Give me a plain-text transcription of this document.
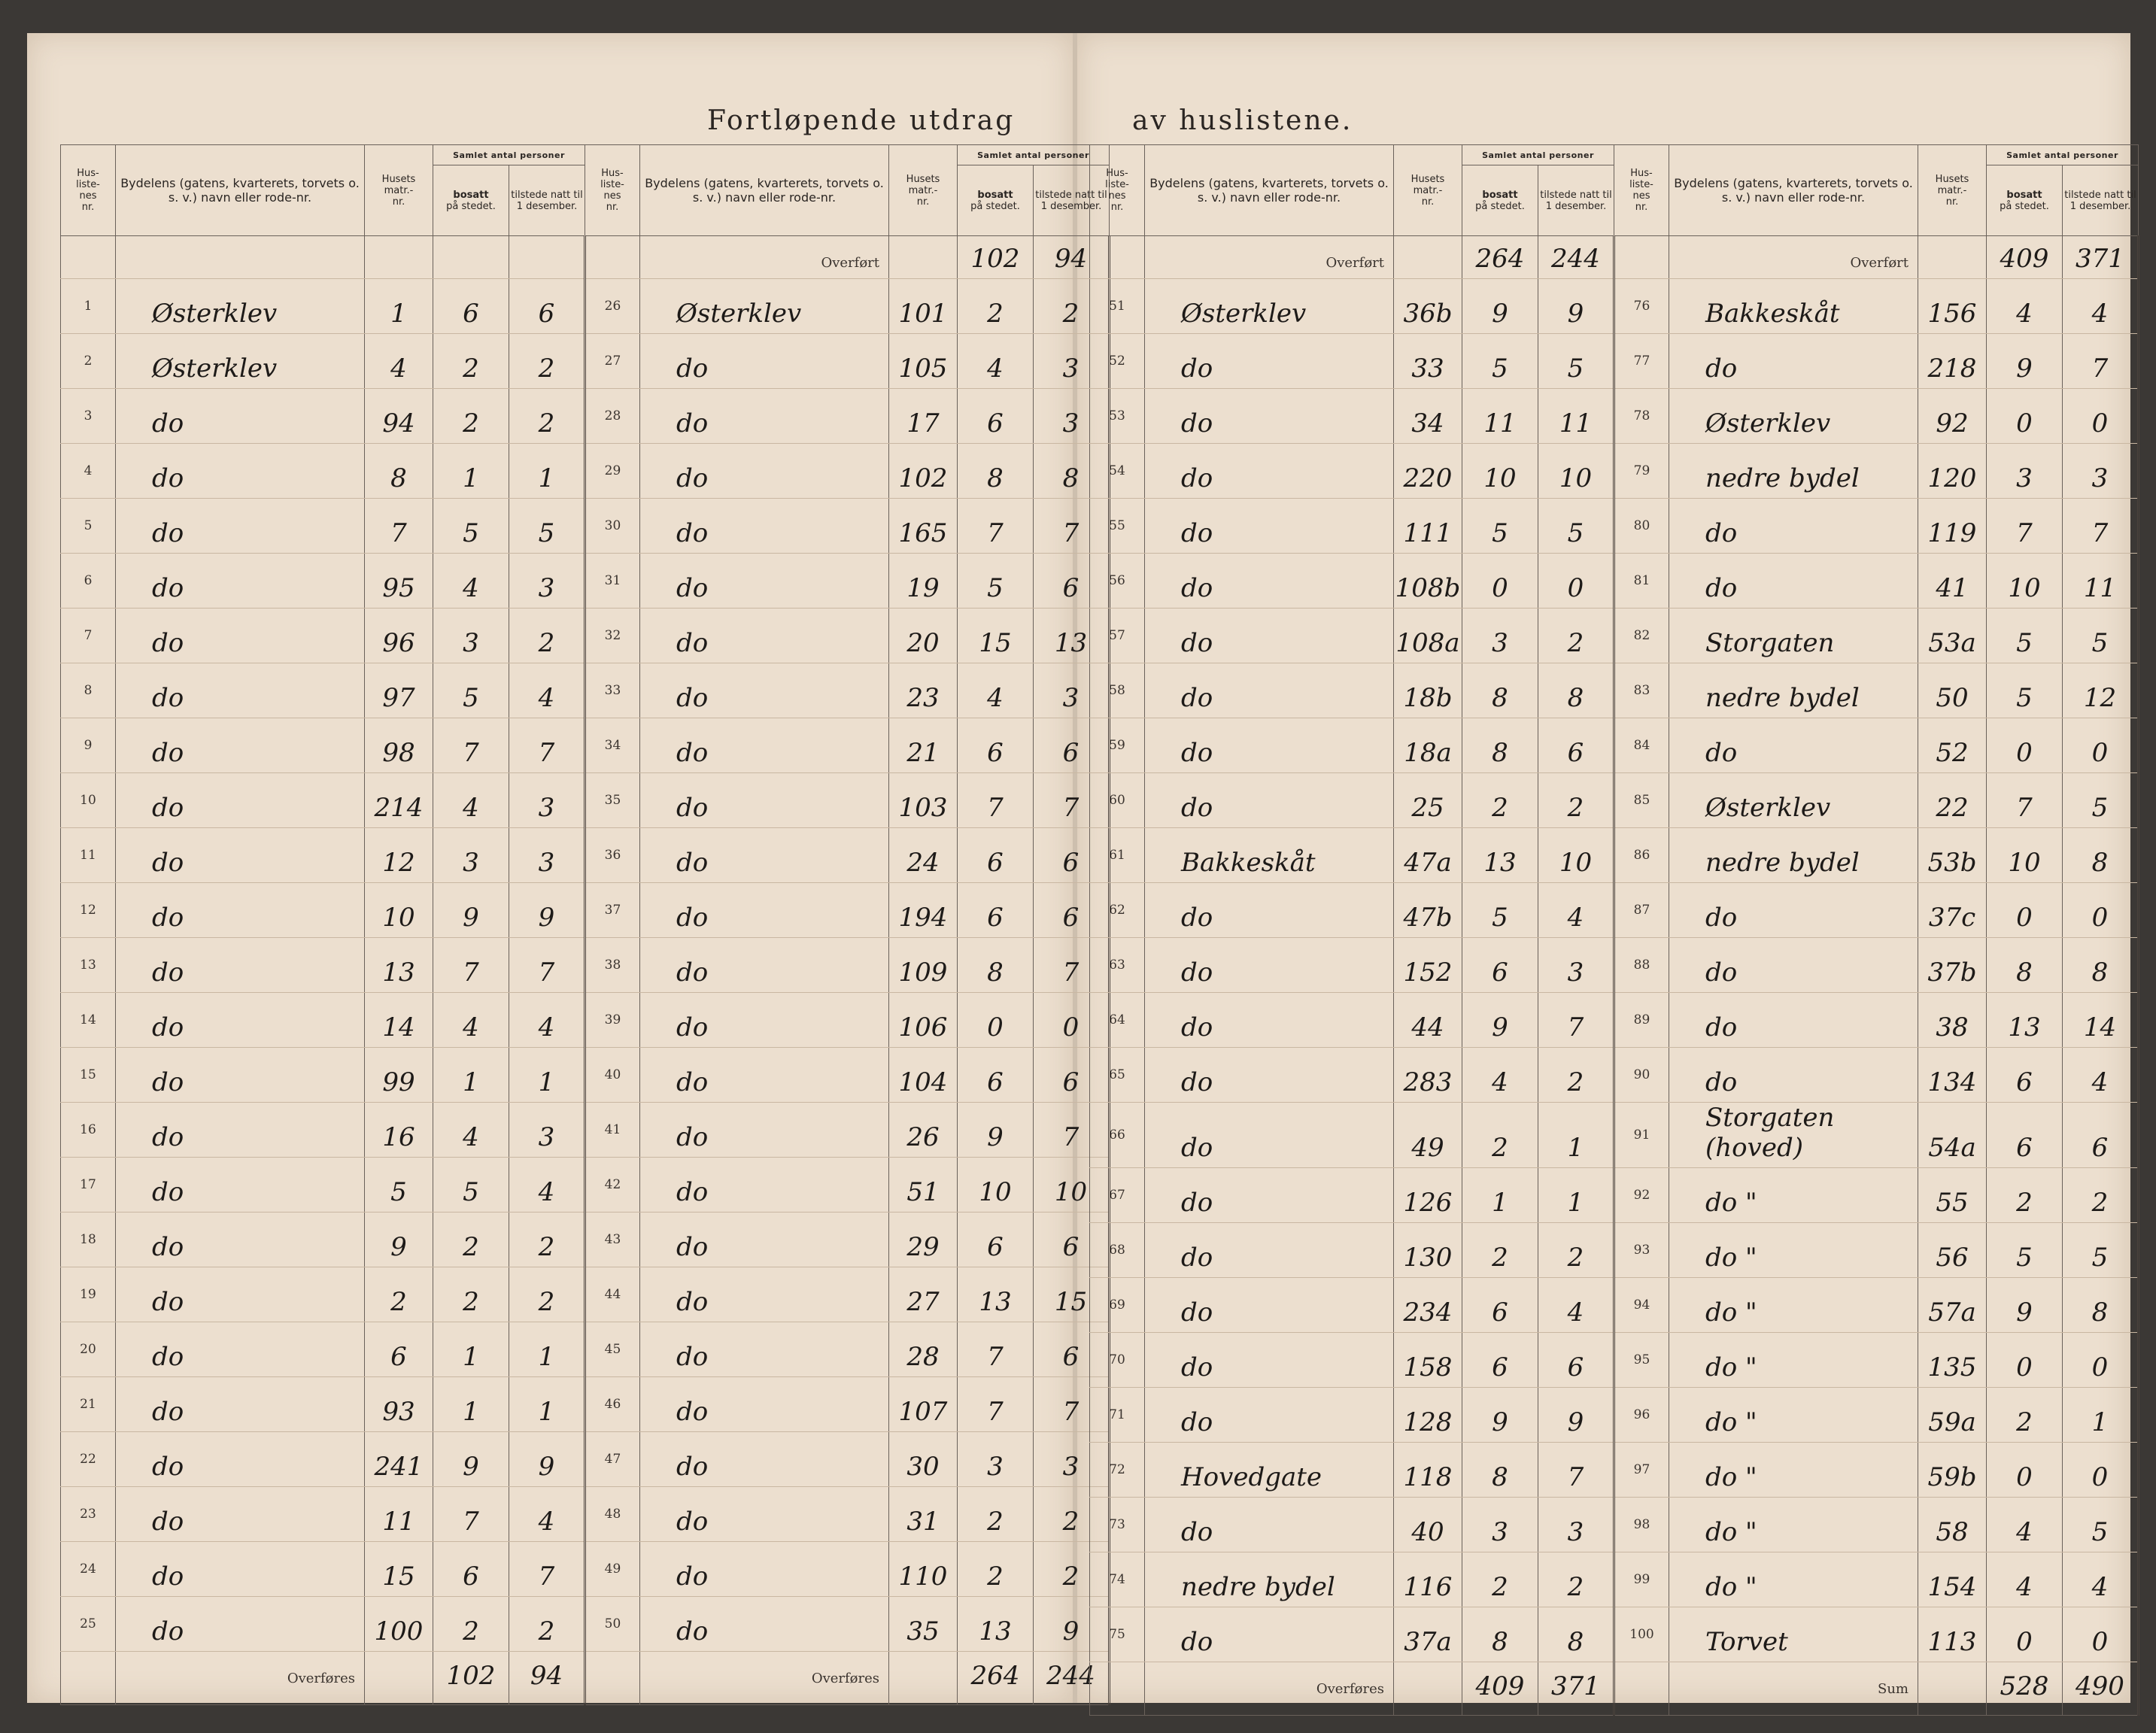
Fortløpende utdrag	av huslistene.
Hus-
liste-
nes
nr.	Bydelens (gatens, kvarterets, torvets o. s. v.) navn eller rode-nr.	Husets
matr.-
nr.	Samlet antal personer		Hus-
liste-
nes
nr.	Bydelens (gatens, kvarterets, torvets o. s. v.) navn eller rode-nr.	Husets
matr.-
nr.	Samlet antal personer	
			bosatt
på stedet.	tilstede natt til 1 desember.				bosatt
på stedet.	tilstede natt til 1 desember.
						Overført		102	94
1	Østerklev	1	6	6	26	Østerklev	101	2	2
2	Østerklev	4	2	2	27	do	105	4	3
3	do	94	2	2	28	do	17	6	3
4	do	8	1	1	29	do	102	8	8
5	do	7	5	5	30	do	165	7	7
6	do	95	4	3	31	do	19	5	6
7	do	96	3	2	32	do	20	15	13
8	do	97	5	4	33	do	23	4	3
9	do	98	7	7	34	do	21	6	6
10	do	214	4	3	35	do	103	7	7
11	do	12	3	3	36	do	24	6	6
12	do	10	9	9	37	do	194	6	6
13	do	13	7	7	38	do	109	8	7
14	do	14	4	4	39	do	106	0	0
15	do	99	1	1	40	do	104	6	6
16	do	16	4	3	41	do	26	9	7
17	do	5	5	4	42	do	51	10	10
18	do	9	2	2	43	do	29	6	6
19	do	2	2	2	44	do	27	13	15
20	do	6	1	1	45	do	28	7	6
21	do	93	1	1	46	do	107	7	7
22	do	241	9	9	47	do	30	3	3
23	do	11	7	4	48	do	31	2	2
24	do	15	6	7	49	do	110	2	2
25	do	100	2	2	50	do	35	13	9
	Overføres		102	94		Overføres		264	244
Hus-
liste-
nes
nr.	Bydelens (gatens, kvarterets, torvets o. s. v.) navn eller rode-nr.	Husets
matr.-
nr.	Samlet antal personer		Hus-
liste-
nes
nr.	Bydelens (gatens, kvarterets, torvets o. s. v.) navn eller rode-nr.	Husets
matr.-
nr.	Samlet antal personer	
			bosatt
på stedet.	tilstede natt til 1 desember.				bosatt
på stedet.	tilstede natt til 1 desember.
	Overført		264	244		Overført		409	371
51	Østerklev	36b	9	9	76	Bakkeskåt	156	4	4
52	do	33	5	5	77	do	218	9	7
53	do	34	11	11	78	Østerklev	92	0	0
54	do	220	10	10	79	nedre bydel	120	3	3
55	do	111	5	5	80	do	119	7	7
56	do	108b	0	0	81	do	41	10	11
57	do	108a	3	2	82	Storgaten	53a	5	5
58	do	18b	8	8	83	nedre bydel	50	5	12
59	do	18a	8	6	84	do	52	0	0
60	do	25	2	2	85	Østerklev	22	7	5
61	Bakkeskåt	47a	13	10	86	nedre bydel	53b	10	8
62	do	47b	5	4	87	do	37c	0	0
63	do	152	6	3	88	do	37b	8	8
64	do	44	9	7	89	do	38	13	14
65	do	283	4	2	90	do	134	6	4
66	do	49	2	1	91	Storgaten (hoved)	54a	6	6
67	do	126	1	1	92	do "	55	2	2
68	do	130	2	2	93	do "	56	5	5
69	do	234	6	4	94	do "	57a	9	8
70	do	158	6	6	95	do "	135	0	0
71	do	128	9	9	96	do "	59a	2	1
72	Hovedgate	118	8	7	97	do "	59b	0	0
73	do	40	3	3	98	do "	58	4	5
74	nedre bydel	116	2	2	99	do "	154	4	4
75	do	37a	8	8	100	Torvet	113	0	0
	Overføres		409	371		Sum		528	490
